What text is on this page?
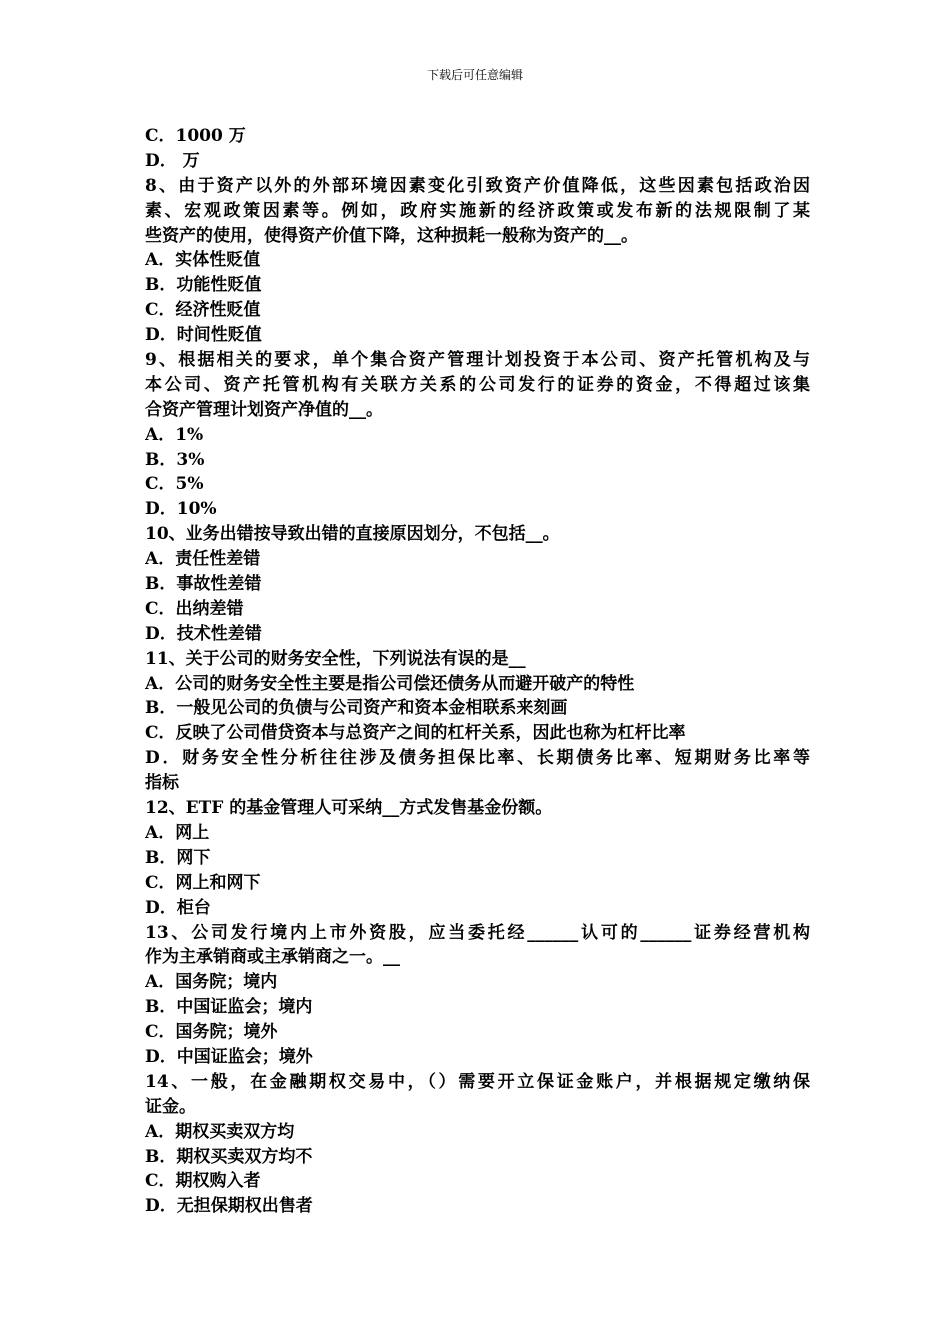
下载后可任意编辑
C．1000 万
D． 万
8、由于资产以外的外部环境因素变化引致资产价值降低，这些因素包括政治因
素、宏观政策因素等。例如，政府实施新的经济政策或发布新的法规限制了某
些资产的使用，使得资产价值下降，这种损耗一般称为资产的__。
A．实体性贬值
B．功能性贬值
C．经济性贬值
D．时间性贬值
9、根据相关的要求，单个集合资产管理计划投资于本公司、资产托管机构及与
本公司、资产托管机构有关联方关系的公司发行的证券的资金，不得超过该集
合资产管理计划资产净值的__。
A．1%
B．3%
C．5%
D．10%
10、业务出错按导致出错的直接原因划分，不包括__。
A．责任性差错
B．事故性差错
C．出纳差错
D．技术性差错
11、关于公司的财务安全性，下列说法有误的是__
A．公司的财务安全性主要是指公司偿还债务从而避开破产的特性
B．一般见公司的负债与公司资产和资本金相联系来刻画
C．反映了公司借贷资本与总资产之间的杠杆关系，因此也称为杠杆比率
D．财务安全性分析往往涉及债务担保比率、长期债务比率、短期财务比率等
指标
12、ETF 的基金管理人可采纳__方式发售基金份额。
A．网上
B．网下
C．网上和网下
D．柜台
13、公司发行境内上市外资股，应当委托经______认可的______证券经营机构
作为主承销商或主承销商之一。__
A．国务院；境内
B．中国证监会；境内
C．国务院；境外
D．中国证监会；境外
14、一般，在金融期权交易中，（）需要开立保证金账户，并根据规定缴纳保
证金。
A．期权买卖双方均
B．期权买卖双方均不
C．期权购入者
D．无担保期权出售者
